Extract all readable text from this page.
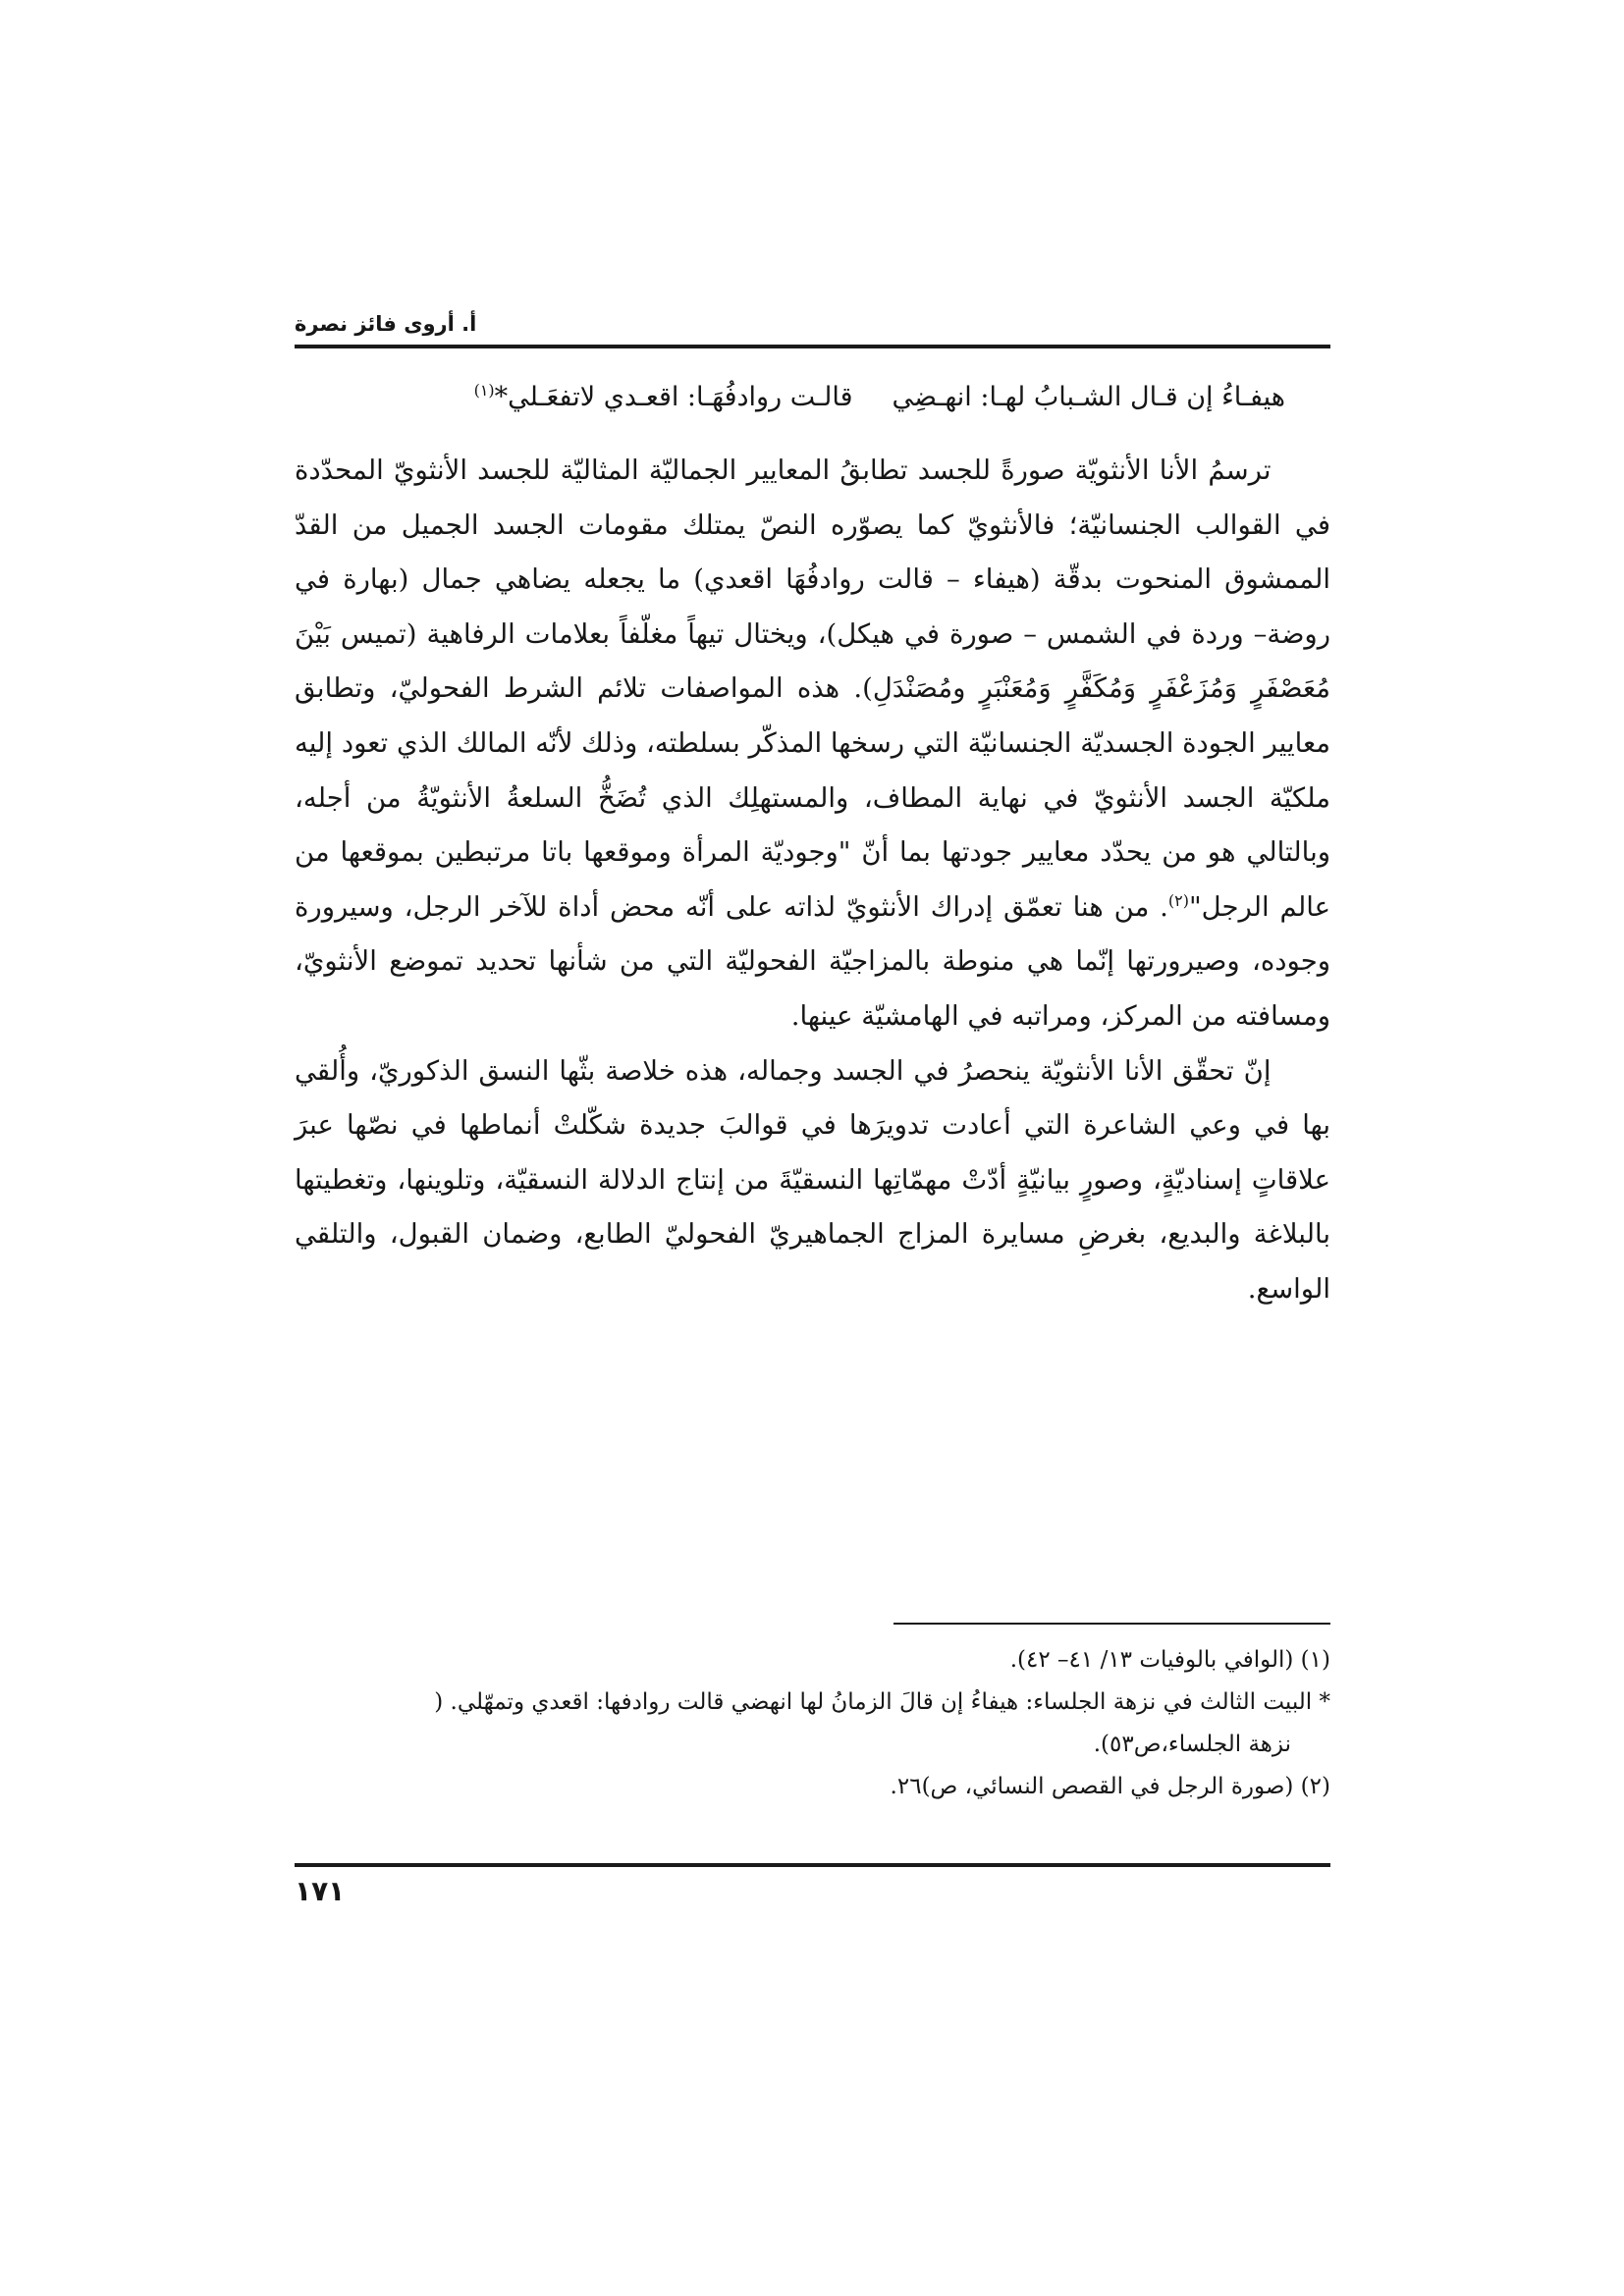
أ. أروى فائز نصرة
هيفـاءُ إن قـال الشـبابُ لهـا: انهـضِيقالـت روادفُهَـا: اقعـدي لاتفعَـلي*$^{(١)}$

ترسمُ الأنا الأنثويّة صورةً للجسد تطابقُ المعايير الجماليّة المثاليّة للجسد الأنثويّ المحدّدة في القوالب الجنسانيّة؛ فالأنثويّ كما يصوّره النصّ يمتلك مقومات الجسد الجميل من القدّ الممشوق المنحوت بدقّة (هيفاء – قالت روادفُهَا اقعدي) ما يجعله يضاهي جمال (بهارة في روضة– وردة في الشمس – صورة في هيكل)، ويختال تيهاً مغلّفاً بعلامات الرفاهية (تميس بَيْنَ مُعَصْفَرٍ وَمُزَعْفَرٍ وَمُكَفَّرٍ وَمُعَنْبَرٍ ومُصَنْدَلِ). هذه المواصفات تلائم الشرط الفحوليّ، وتطابق معايير الجودة الجسديّة الجنسانيّة التي رسخها المذكّر بسلطته، وذلك لأنّه المالك الذي تعود إليه ملكيّة الجسد الأنثويّ في نهاية المطاف، والمستهلِك الذي تُضَخُّ السلعةُ الأنثويّةُ من أجله، وبالتالي هو من يحدّد معايير جودتها بما أنّ "وجوديّة المرأة وموقعها باتا مرتبطين بموقعها من عالم الرجل"$^{(٢)}$. من هنا تعمّق إدراك الأنثويّ لذاته على أنّه محض أداة للآخر الرجل، وسيرورة وجوده، وصيرورتها إنّما هي منوطة بالمزاجيّة الفحوليّة التي من شأنها تحديد تموضع الأنثويّ، ومسافته من المركز، ومراتبه في الهامشيّة عينها.

إنّ تحقّق الأنا الأنثويّة ينحصرُ في الجسد وجماله، هذه خلاصة بثّها النسق الذكوريّ، وأُلقي بها في وعي الشاعرة التي أعادت تدويرَها في قوالبَ جديدة شكّلتْ أنماطها في نصّها عبرَ علاقاتٍ إسناديّةٍ، وصورٍ بيانيّةٍ أدّتْ مهمّاتِها النسقيّةَ من إنتاج الدلالة النسقيّة، وتلوينها، وتغطيتها بالبلاغة والبديع، بغرضِ مسايرة المزاج الجماهيريّ الفحوليّ الطابع، وضمان القبول، والتلقي الواسع.

(١) (الوافي بالوفيات ١٣/ ٤١– ٤٢).

* البيت الثالث في نزهة الجلساء: هيفاءُ إن قالَ الزمانُ لها انهضي قالت روادفها: اقعدي وتمهّلي. (

نزهة الجلساء،ص٥٣).

(٢) (صورة الرجل في القصص النسائي، ص)٢٦.

١٧١
